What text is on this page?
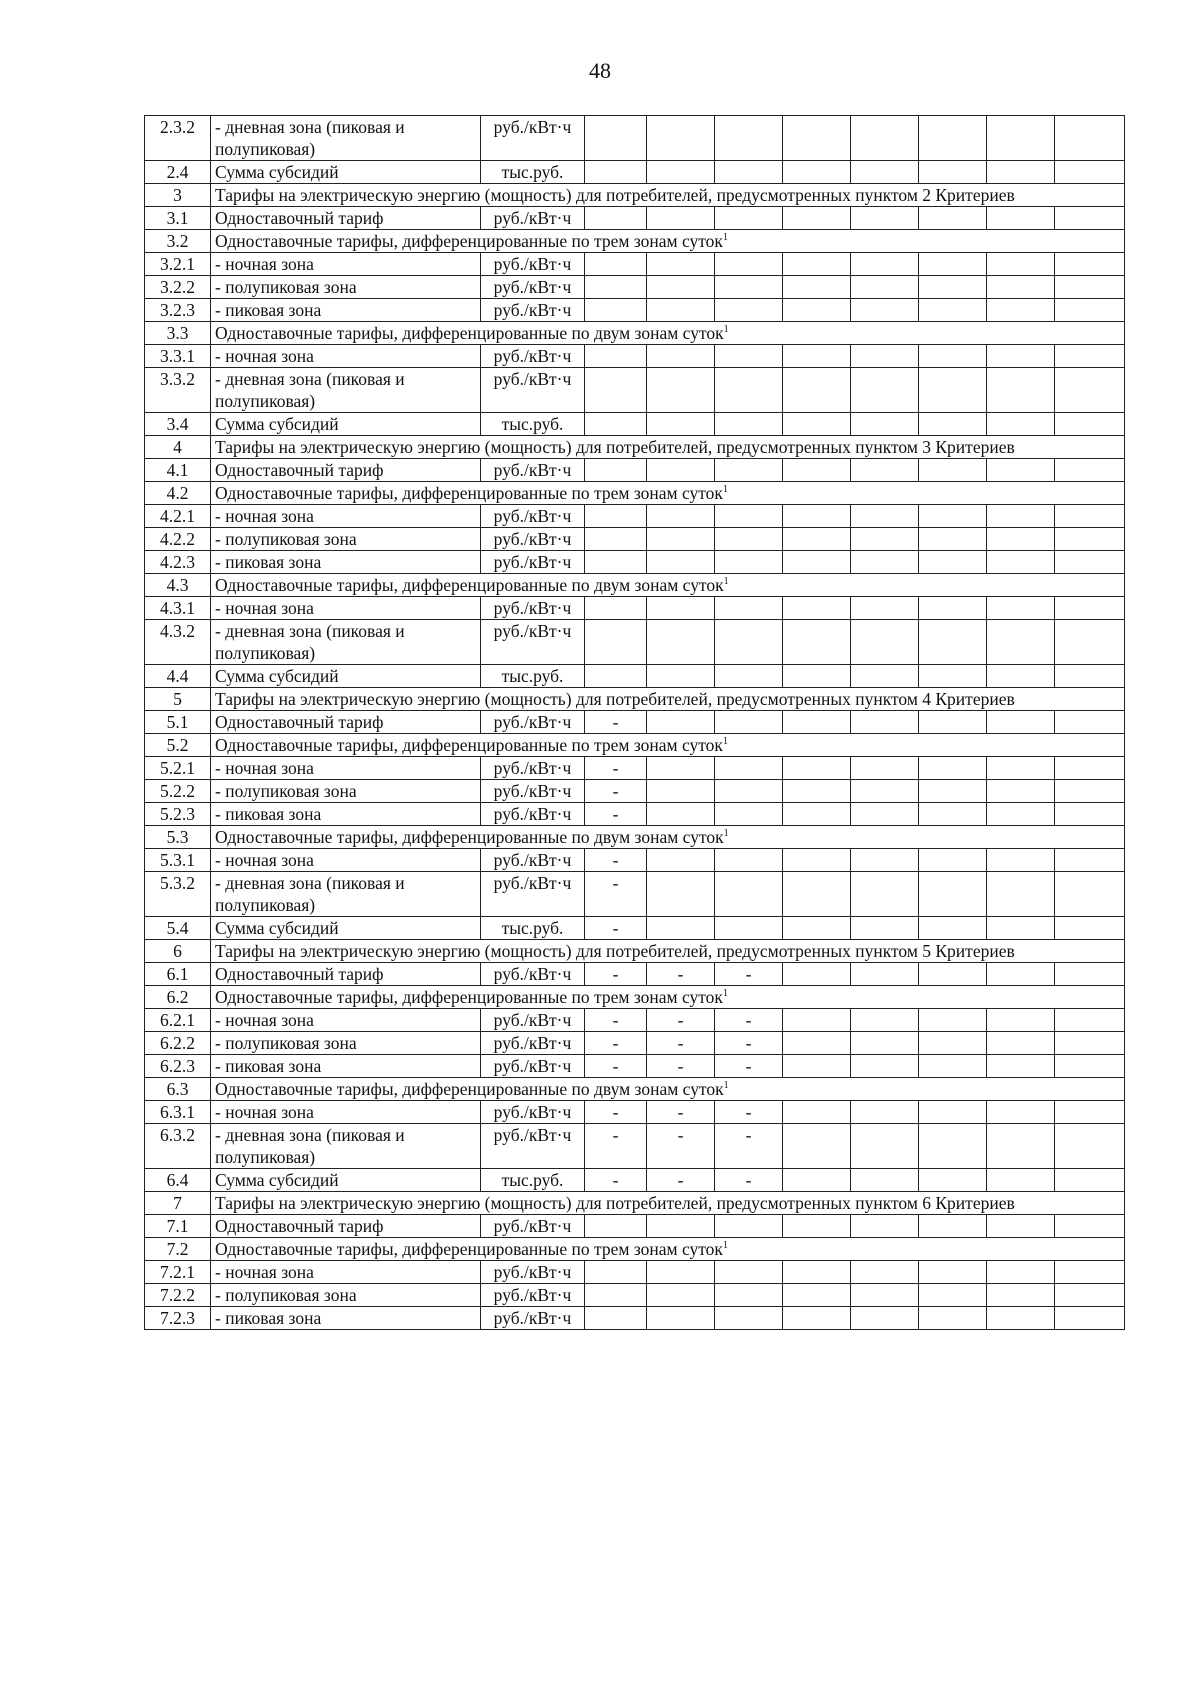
48
2.3.2	- дневная зона (пиковая и полупиковая)	руб./кВт·ч								
2.4	Сумма субсидий	тыс.руб.								
3	Тарифы на электрическую энергию (мощность) для потребителей, предусмотренных пунктом 2 Критериев									
3.1	Одноставочный тариф	руб./кВт·ч								
3.2	Одноставочные тарифы, дифференцированные по трем зонам суток$^1$
3.2.1	- ночная зона	руб./кВт·ч								
3.2.2	- полупиковая зона	руб./кВт·ч								
3.2.3	- пиковая зона	руб./кВт·ч								
3.3	Одноставочные тарифы, дифференцированные по двум зонам суток$^1$
3.3.1	- ночная зона	руб./кВт·ч								
3.3.2	- дневная зона (пиковая и полупиковая)	руб./кВт·ч								
3.4	Сумма субсидий	тыс.руб.								
4	Тарифы на электрическую энергию (мощность) для потребителей, предусмотренных пунктом 3 Критериев									
4.1	Одноставочный тариф	руб./кВт·ч								
4.2	Одноставочные тарифы, дифференцированные по трем зонам суток$^1$
4.2.1	- ночная зона	руб./кВт·ч								
4.2.2	- полупиковая зона	руб./кВт·ч								
4.2.3	- пиковая зона	руб./кВт·ч								
4.3	Одноставочные тарифы, дифференцированные по двум зонам суток$^1$
4.3.1	- ночная зона	руб./кВт·ч								
4.3.2	- дневная зона (пиковая и полупиковая)	руб./кВт·ч								
4.4	Сумма субсидий	тыс.руб.								
5	Тарифы на электрическую энергию (мощность) для потребителей, предусмотренных пунктом 4 Критериев									
5.1	Одноставочный тариф	руб./кВт·ч	-							
5.2	Одноставочные тарифы, дифференцированные по трем зонам суток$^1$
5.2.1	- ночная зона	руб./кВт·ч	-							
5.2.2	- полупиковая зона	руб./кВт·ч	-							
5.2.3	- пиковая зона	руб./кВт·ч	-							
5.3	Одноставочные тарифы, дифференцированные по двум зонам суток$^1$
5.3.1	- ночная зона	руб./кВт·ч	-							
5.3.2	- дневная зона (пиковая и полупиковая)	руб./кВт·ч	-							
5.4	Сумма субсидий	тыс.руб.	-							
6	Тарифы на электрическую энергию (мощность) для потребителей, предусмотренных пунктом 5 Критериев									
6.1	Одноставочный тариф	руб./кВт·ч	-	-	-					
6.2	Одноставочные тарифы, дифференцированные по трем зонам суток$^1$
6.2.1	- ночная зона	руб./кВт·ч	-	-	-					
6.2.2	- полупиковая зона	руб./кВт·ч	-	-	-					
6.2.3	- пиковая зона	руб./кВт·ч	-	-	-					
6.3	Одноставочные тарифы, дифференцированные по двум зонам суток$^1$
6.3.1	- ночная зона	руб./кВт·ч	-	-	-					
6.3.2	- дневная зона (пиковая и полупиковая)	руб./кВт·ч	-	-	-					
6.4	Сумма субсидий	тыс.руб.	-	-	-					
7	Тарифы на электрическую энергию (мощность) для потребителей, предусмотренных пунктом 6 Критериев									
7.1	Одноставочный тариф	руб./кВт·ч								
7.2	Одноставочные тарифы, дифференцированные по трем зонам суток$^1$
7.2.1	- ночная зона	руб./кВт·ч								
7.2.2	- полупиковая зона	руб./кВт·ч								
7.2.3	- пиковая зона	руб./кВт·ч								
